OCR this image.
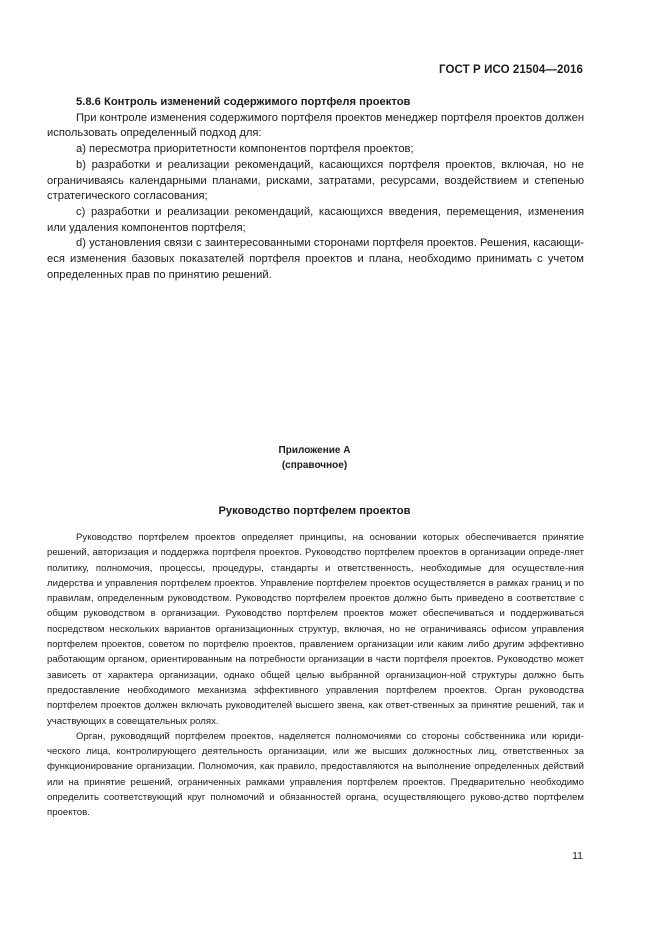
ГОСТ Р ИСО 21504—2016
5.8.6 Контроль изменений содержимого портфеля проектов

При контроле изменения содержимого портфеля проектов менеджер портфеля проектов должен использовать определенный подход для:

a) пересмотра приоритетности компонентов портфеля проектов;

b) разработки и реализации рекомендаций, касающихся портфеля проектов, включая, но не ограничиваясь календарными планами, рисками, затратами, ресурсами, воздействием и степенью стратегического согласования;

c) разработки и реализации рекомендаций, касающихся введения, перемещения, изменения или удаления компонентов портфеля;

d) установления связи с заинтересованными сторонами портфеля проектов. Решения, касающи-еся изменения базовых показателей портфеля проектов и плана, необходимо принимать с учетом определенных прав по принятию решений.

Приложение А
(справочное)
Руководство портфелем проектов

Руководство портфелем проектов определяет принципы, на основании которых обеспечивается принятие решений, авторизация и поддержка портфеля проектов. Руководство портфелем проектов в организации опреде-ляет политику, полномочия, процессы, процедуры, стандарты и ответственность, необходимые для осуществле-ния лидерства и управления портфелем проектов. Управление портфелем проектов осуществляется в рамках границ и по правилам, определенным руководством. Руководство портфелем проектов должно быть приведено в соответствие с общим руководством в организации. Руководство портфелем проектов может обеспечиваться и поддерживаться посредством нескольких вариантов организационных структур, включая, но не ограничиваясь офисом управления портфелем проектов, советом по портфелю проектов, правлением организации или каким либо другим эффективно работающим органом, ориентированным на потребности организации в части портфеля проектов. Руководство может зависеть от характера организации, однако общей целью выбранной организацион-ной структуры должно быть предоставление необходимого механизма эффективного управления портфелем проектов. Орган руководства портфелем проектов должен включать руководителей высшего звена, как ответ-ственных за принятие решений, так и участвующих в совещательных ролях.

Орган, руководящий портфелем проектов, наделяется полномочиями со стороны собственника или юриди-ческого лица, контролирующего деятельность организации, или же высших должностных лиц, ответственных за функционирование организации. Полномочия, как правило, предоставляются на выполнение определенных действий или на принятие решений, ограниченных рамками управления портфелем проектов. Предварительно необходимо определить соответствующий круг полномочий и обязанностей органа, осуществляющего руково-дство портфелем проектов.

11
